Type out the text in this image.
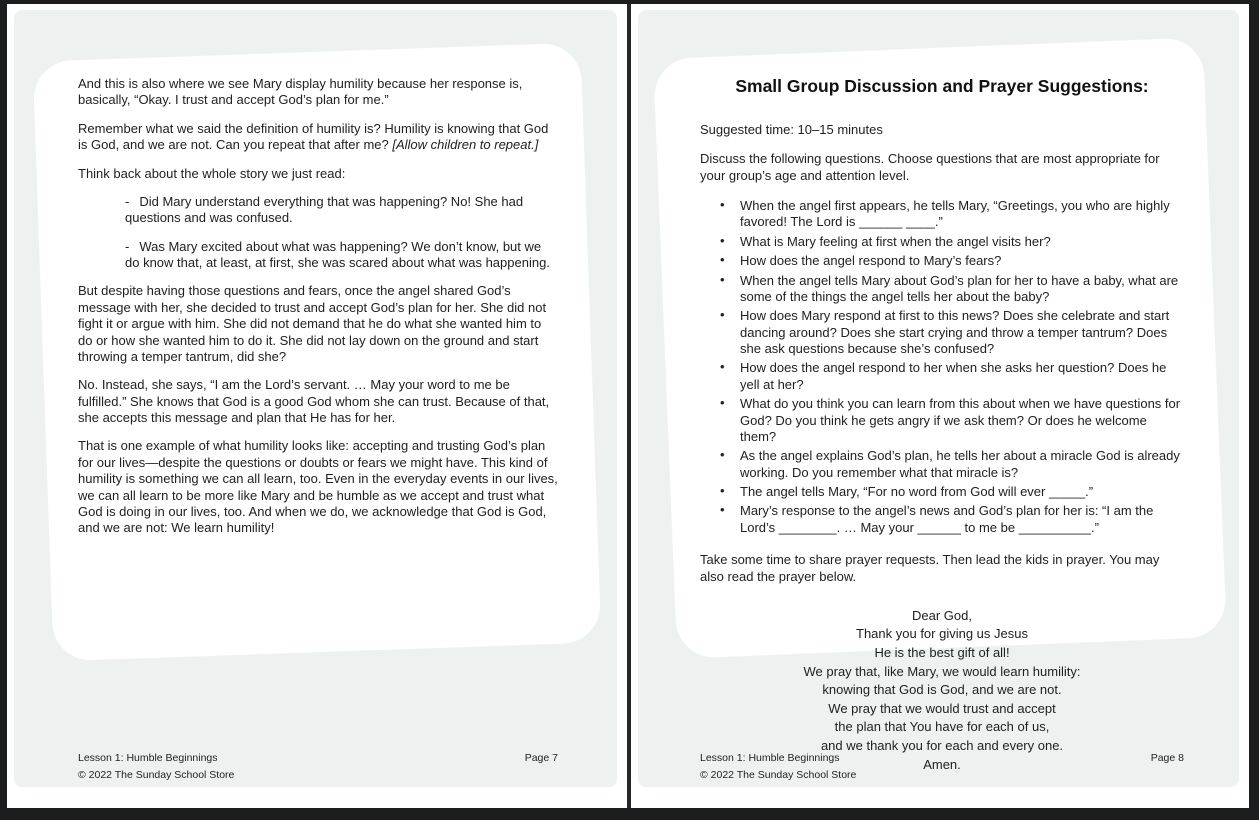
And this is also where we see Mary display humility because her response is, basically, “Okay. I trust and accept God’s plan for me.”

Remember what we said the definition of humility is? Humility is knowing that God is God, and we are not. Can you repeat that after me? [Allow children to repeat.]

Think back about the whole story we just read:

- Did Mary understand everything that was happening? No! She had questions and was confused.

- Was Mary excited about what was happening? We don’t know, but we do know that, at least, at first, she was scared about what was happening.

But despite having those questions and fears, once the angel shared God’s message with her, she decided to trust and accept God’s plan for her. She did not fight it or argue with him. She did not demand that he do what she wanted him to do or how she wanted him to do it. She did not lay down on the ground and start throwing a temper tantrum, did she?

No. Instead, she says, “I am the Lord’s servant. … May your word to me be fulfilled.” She knows that God is a good God whom she can trust. Because of that, she accepts this message and plan that He has for her.

That is one example of what humility looks like: accepting and trusting God’s plan for our lives—despite the questions or doubts or fears we might have. This kind of humility is something we can all learn, too. Even in the everyday events in our lives, we can all learn to be more like Mary and be humble as we accept and trust what God is doing in our lives, too. And when we do, we acknowledge that God is God, and we are not: We learn humility!

Lesson 1: Humble Beginnings
© 2022 The Sunday School Store
Page 7
Small Group Discussion and Prayer Suggestions:

Suggested time: 10–15 minutes

Discuss the following questions. Choose questions that are most appropriate for your group’s age and attention level.

• When the angel first appears, he tells Mary, “Greetings, you who are highly favored! The Lord is ______ ____.”
• What is Mary feeling at first when the angel visits her?
• How does the angel respond to Mary’s fears?
• When the angel tells Mary about God’s plan for her to have a baby, what are some of the things the angel tells her about the baby?
• How does Mary respond at first to this news? Does she celebrate and start dancing around? Does she start crying and throw a temper tantrum? Does she ask questions because she’s confused?
• How does the angel respond to her when she asks her question? Does he yell at her?
• What do you think you can learn from this about when we have questions for God? Do you think he gets angry if we ask them? Or does he welcome them?
• As the angel explains God’s plan, he tells her about a miracle God is already working. Do you remember what that miracle is?
• The angel tells Mary, “For no word from God will ever _____.”
• Mary’s response to the angel’s news and God’s plan for her is: “I am the Lord’s ________. … May your ______ to me be __________.”

Take some time to share prayer requests. Then lead the kids in prayer. You may also read the prayer below.

Dear God,
Thank you for giving us Jesus
He is the best gift of all!
We pray that, like Mary, we would learn humility:
knowing that God is God, and we are not.
We pray that we would trust and accept
the plan that You have for each of us,
and we thank you for each and every one.
Amen.
Lesson 1: Humble Beginnings
© 2022 The Sunday School Store
Page 8
